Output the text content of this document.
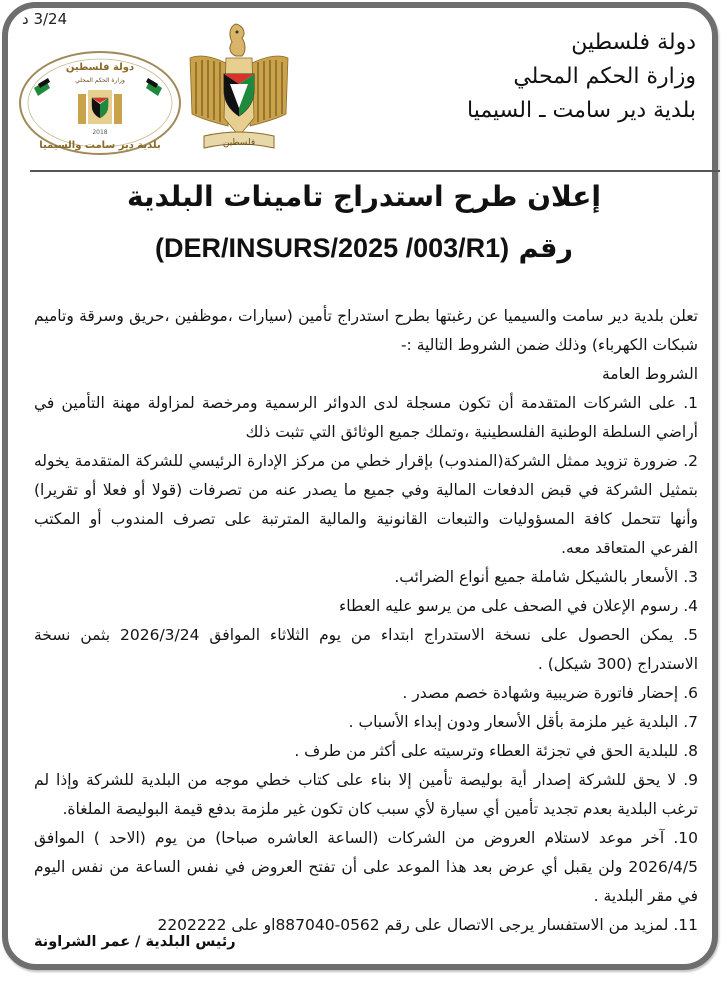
3/24 د
دولة فلسطين
وزارة الحكم المحلي
بلدية دير سامت ـ السيميا
فلسطين
دولة فلسطين
وزارة الحكم المحلي
2018
بلدية دير سامت والسيميا
إعلان طرح استدراج تامينات البلدية
رقم (DER/INSURS/2025 /003/R1)

تعلن بلدية دير سامت والسيميا عن رغبتها بطرح استدراج تأمين (سيارات ،موظفين ،حريق وسرقة وتاميم شبكات الكهرباء) وذلك ضمن الشروط التالية :-

الشروط العامة

1. على الشركات المتقدمة أن تكون مسجلة لدى الدوائر الرسمية ومرخصة لمزاولة مهنة التأمين في أراضي السلطة الوطنية الفلسطينية ،وتملك جميع الوثائق التي تثبت ذلك

2. ضرورة تزويد ممثل الشركة(المندوب) بإقرار خطي من مركز الإدارة الرئيسي للشركة المتقدمة يخوله بتمثيل الشركة في قبض الدفعات المالية وفي جميع ما يصدر عنه من تصرفات (قولا أو فعلا أو تقريرا) وأنها تتحمل كافة المسؤوليات والتبعات القانونية والمالية المترتبة على تصرف المندوب أو المكتب الفرعي المتعاقد معه.

3. الأسعار بالشيكل شاملة جميع أنواع الضرائب.

4. رسوم الإعلان في الصحف على من يرسو عليه العطاء

5. يمكن الحصول على نسخة الاستدراج ابتداء من يوم الثلاثاء الموافق 2026/3/24 بثمن نسخة الاستدراج (300 شيكل) .

6. إحضار فاتورة ضريبية وشهادة خصم مصدر .

7. البلدية غير ملزمة بأقل الأسعار ودون إبداء الأسباب .

8. للبلدية الحق في تجزئة العطاء وترسيته على أكثر من طرف .

9. لا يحق للشركة إصدار أية بوليصة تأمين إلا بناء على كتاب خطي موجه من البلدية للشركة وإذا لم ترغب البلدية بعدم تجديد تأمين أي سيارة لأي سبب كان تكون غير ملزمة بدفع قيمة البوليصة الملغاة.

10. آخر موعد لاستلام العروض من الشركات (الساعة العاشره صباحا) من يوم (الاحد ) الموافق 2026/4/5 ولن يقبل أي عرض بعد هذا الموعد على أن تفتح العروض في نفس الساعة من نفس اليوم في مقر البلدية .

11. لمزيد من الاستفسار يرجى الاتصال على رقم 0562-887040او على 2202222

رئيس البلدية / عمر الشراونة
